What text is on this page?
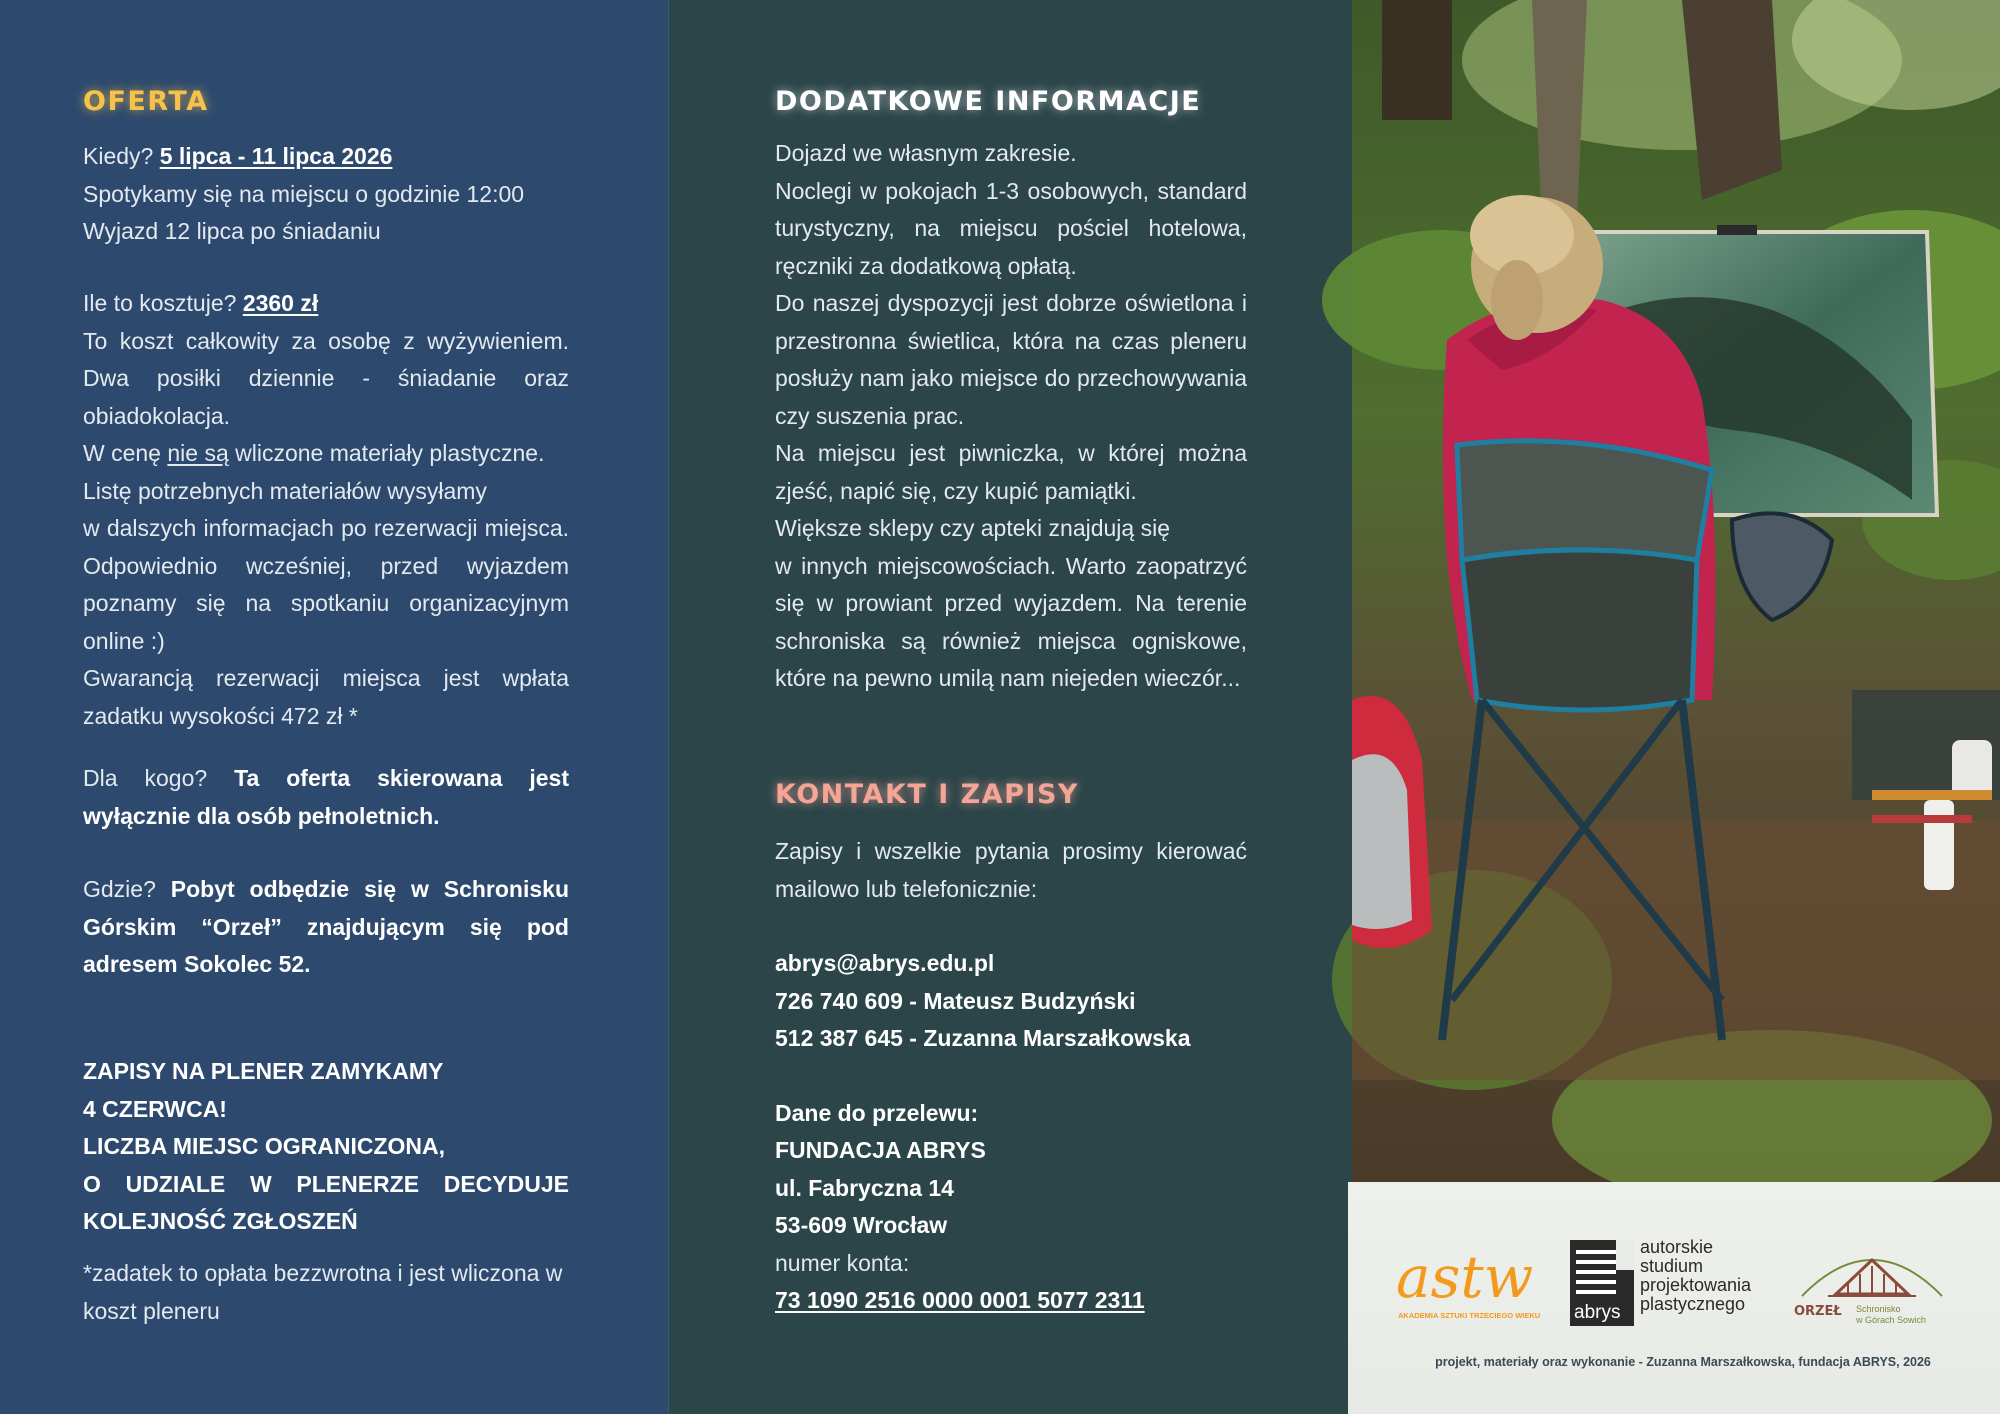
OFERTA
Kiedy? 5 lipca - 11 lipca 2026
Spotykamy się na miejscu o godzinie 12:00
Wyjazd 12 lipca po śniadaniu
Ile to kosztuje? 2360 zł
To koszt całkowity za osobę z wyżywieniem. Dwa posiłki dziennie - śniadanie oraz obiadokolacja.
W cenę nie są wliczone materiały plastyczne.
Listę potrzebnych materiałów wysyłamy
w dalszych informacjach po rezerwacji miejsca. Odpowiednio wcześniej, przed wyjazdem poznamy się na spotkaniu organizacyjnym online :)
Gwarancją rezerwacji miejsca jest wpłata zadatku wysokości 472 zł *
Dla kogo? Ta oferta skierowana jest wyłącznie dla osób pełnoletnich.
Gdzie? Pobyt odbędzie się w Schronisku Górskim “Orzeł” znajdującym się pod adresem Sokolec 52.
ZAPISY NA PLENER ZAMYKAMY
4 CZERWCA!
LICZBA MIEJSC OGRANICZONA,
O UDZIALE W PLENERZE DECYDUJE KOLEJNOŚĆ ZGŁOSZEŃ
*zadatek to opłata bezzwrotna i jest wliczona w koszt pleneru
DODATKOWE INFORMACJE
Dojazd we własnym zakresie.
Noclegi w pokojach 1-3 osobowych, standard turystyczny, na miejscu pościel hotelowa, ręczniki za dodatkową opłatą.
Do naszej dyspozycji jest dobrze oświetlona i przestronna świetlica, która na czas pleneru posłuży nam jako miejsce do przechowywania czy suszenia prac.
Na miejscu jest piwniczka, w której można zjeść, napić się, czy kupić pamiątki.
Większe sklepy czy apteki znajdują się
w innych miejscowościach. Warto zaopatrzyć się w prowiant przed wyjazdem. Na terenie schroniska są również miejsca ogniskowe, które na pewno umilą nam niejeden wieczór...
KONTAKT I ZAPISY
Zapisy i wszelkie pytania prosimy kierować mailowo lub telefonicznie:
abrys@abrys.edu.pl
726 740 609 - Mateusz Budzyński
512 387 645 - Zuzanna Marszałkowska
Dane do przelewu:
FUNDACJA ABRYS
ul. Fabryczna 14
53-609 Wrocław
numer konta:
73 1090 2516 0000 0001 5077 2311	astw
AKADEMIA SZTUKI TRZECIEGO WIEKU abrys
autorskie
studium
projektowania
plastycznego	ORZEŁ Schronisko
w Górach Sowich
projekt, materiały oraz wykonanie - Zuzanna Marszałkowska, fundacja ABRYS, 2026
